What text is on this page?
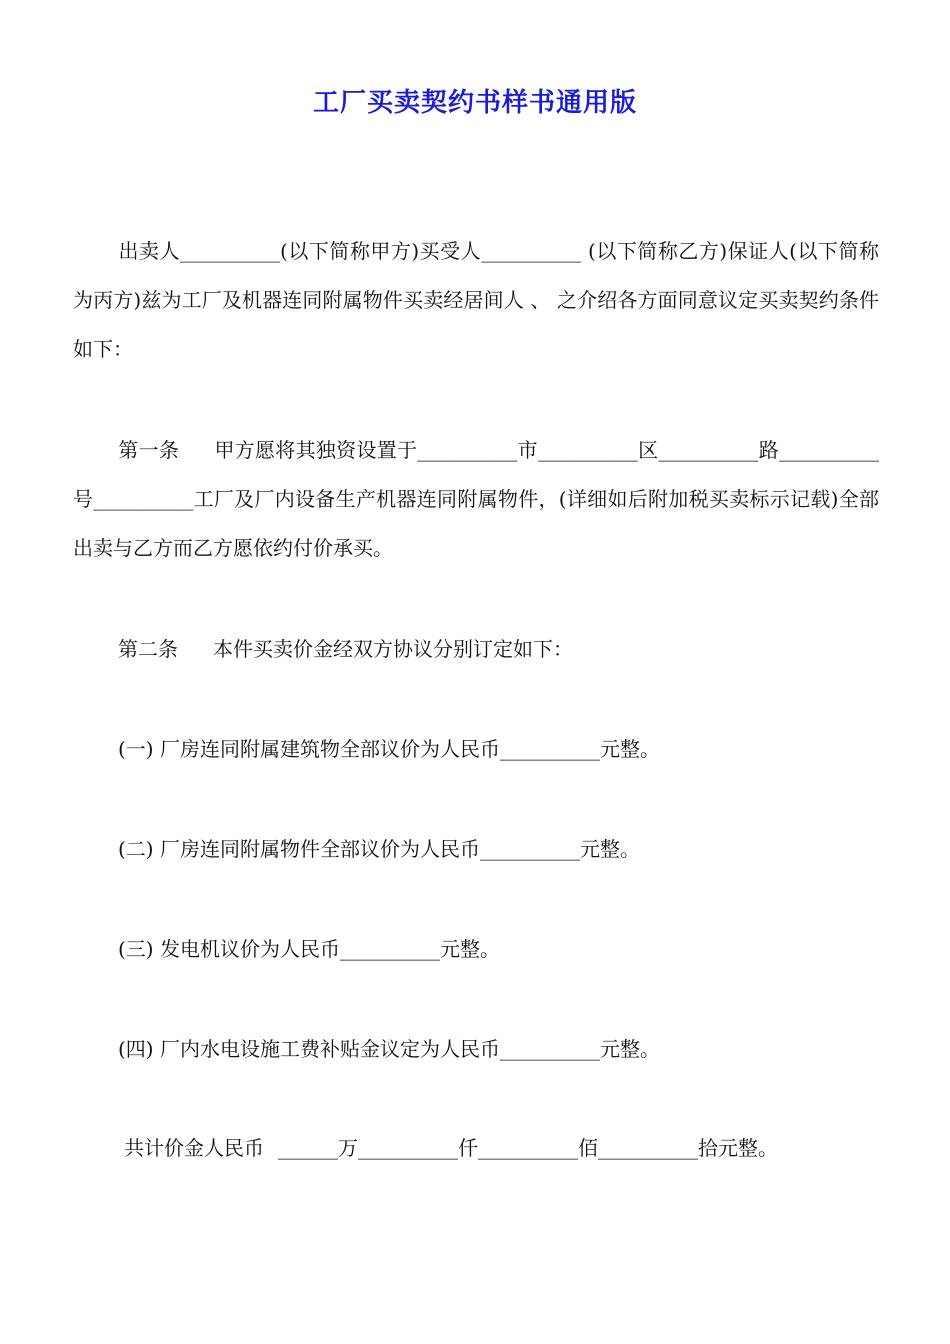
工厂买卖契约书样书通用版
出卖人__________(以下简称甲方)买受人__________ (以下简称乙方)保证人(以下简称为丙方)兹为工厂及机器连同附属物件买卖经居间人 、 之介绍各方面同意议定买卖契约条件如下：
第一条 甲方愿将其独资设置于__________市__________区__________路__________号__________工厂及厂内设备生产机器连同附属物件，(详细如后附加税买卖标示记载)全部出卖与乙方而乙方愿依约付价承买。
第二条 本件买卖价金经双方协议分别订定如下：
(一) 厂房连同附属建筑物全部议价为人民币__________元整。
(二) 厂房连同附属物件全部议价为人民币__________元整。
(三) 发电机议价为人民币__________元整。
(四) 厂内水电设施工费补贴金议定为人民币__________元整。
共计价金人民币 ______万__________仟__________佰__________拾元整。
